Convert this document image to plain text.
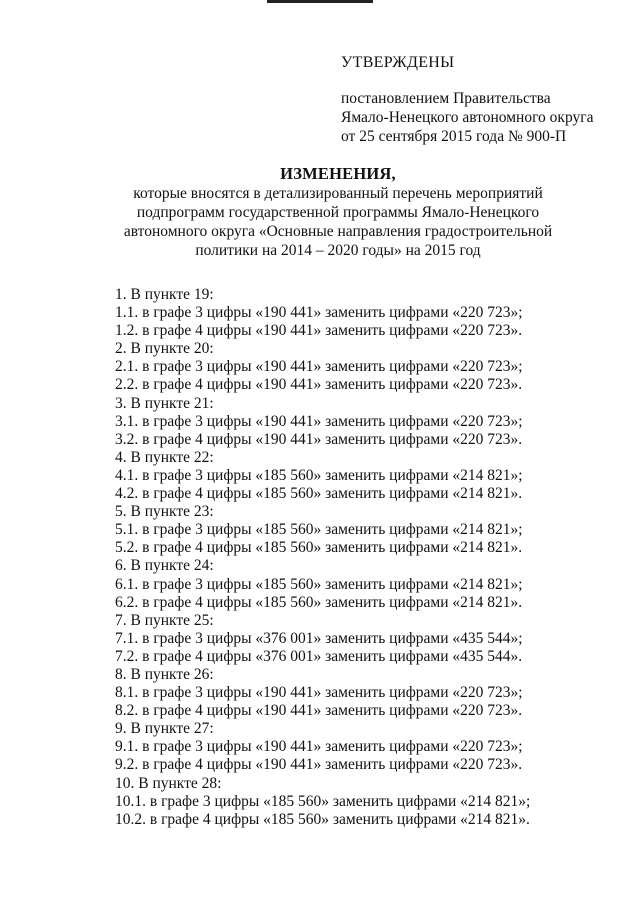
УТВЕРЖДЕНЫ
постановлением Правительства
Ямало-Ненецкого автономного округа
от 25 сентября 2015 года № 900-П
ИЗМЕНЕНИЯ,
которые вносятся в детализированный перечень мероприятий
подпрограмм государственной программы Ямало-Ненецкого
автономного округа «Основные направления градостроительной
политики на 2014 – 2020 годы» на 2015 год
1. В пункте 19:
1.1. в графе 3 цифры «190 441» заменить цифрами «220 723»;
1.2. в графе 4 цифры «190 441» заменить цифрами «220 723».
2. В пункте 20:
2.1. в графе 3 цифры «190 441» заменить цифрами «220 723»;
2.2. в графе 4 цифры «190 441» заменить цифрами «220 723».
3. В пункте 21:
3.1. в графе 3 цифры «190 441» заменить цифрами «220 723»;
3.2. в графе 4 цифры «190 441» заменить цифрами «220 723».
4. В пункте 22:
4.1. в графе 3 цифры «185 560» заменить цифрами «214 821»;
4.2. в графе 4 цифры «185 560» заменить цифрами «214 821».
5. В пункте 23:
5.1. в графе 3 цифры «185 560» заменить цифрами «214 821»;
5.2. в графе 4 цифры «185 560» заменить цифрами «214 821».
6. В пункте 24:
6.1. в графе 3 цифры «185 560» заменить цифрами «214 821»;
6.2. в графе 4 цифры «185 560» заменить цифрами «214 821».
7. В пункте 25:
7.1. в графе 3 цифры «376 001» заменить цифрами «435 544»;
7.2. в графе 4 цифры «376 001» заменить цифрами «435 544».
8. В пункте 26:
8.1. в графе 3 цифры «190 441» заменить цифрами «220 723»;
8.2. в графе 4 цифры «190 441» заменить цифрами «220 723».
9. В пункте 27:
9.1. в графе 3 цифры «190 441» заменить цифрами «220 723»;
9.2. в графе 4 цифры «190 441» заменить цифрами «220 723».
10. В пункте 28:
10.1. в графе 3 цифры «185 560» заменить цифрами «214 821»;
10.2. в графе 4 цифры «185 560» заменить цифрами «214 821».
